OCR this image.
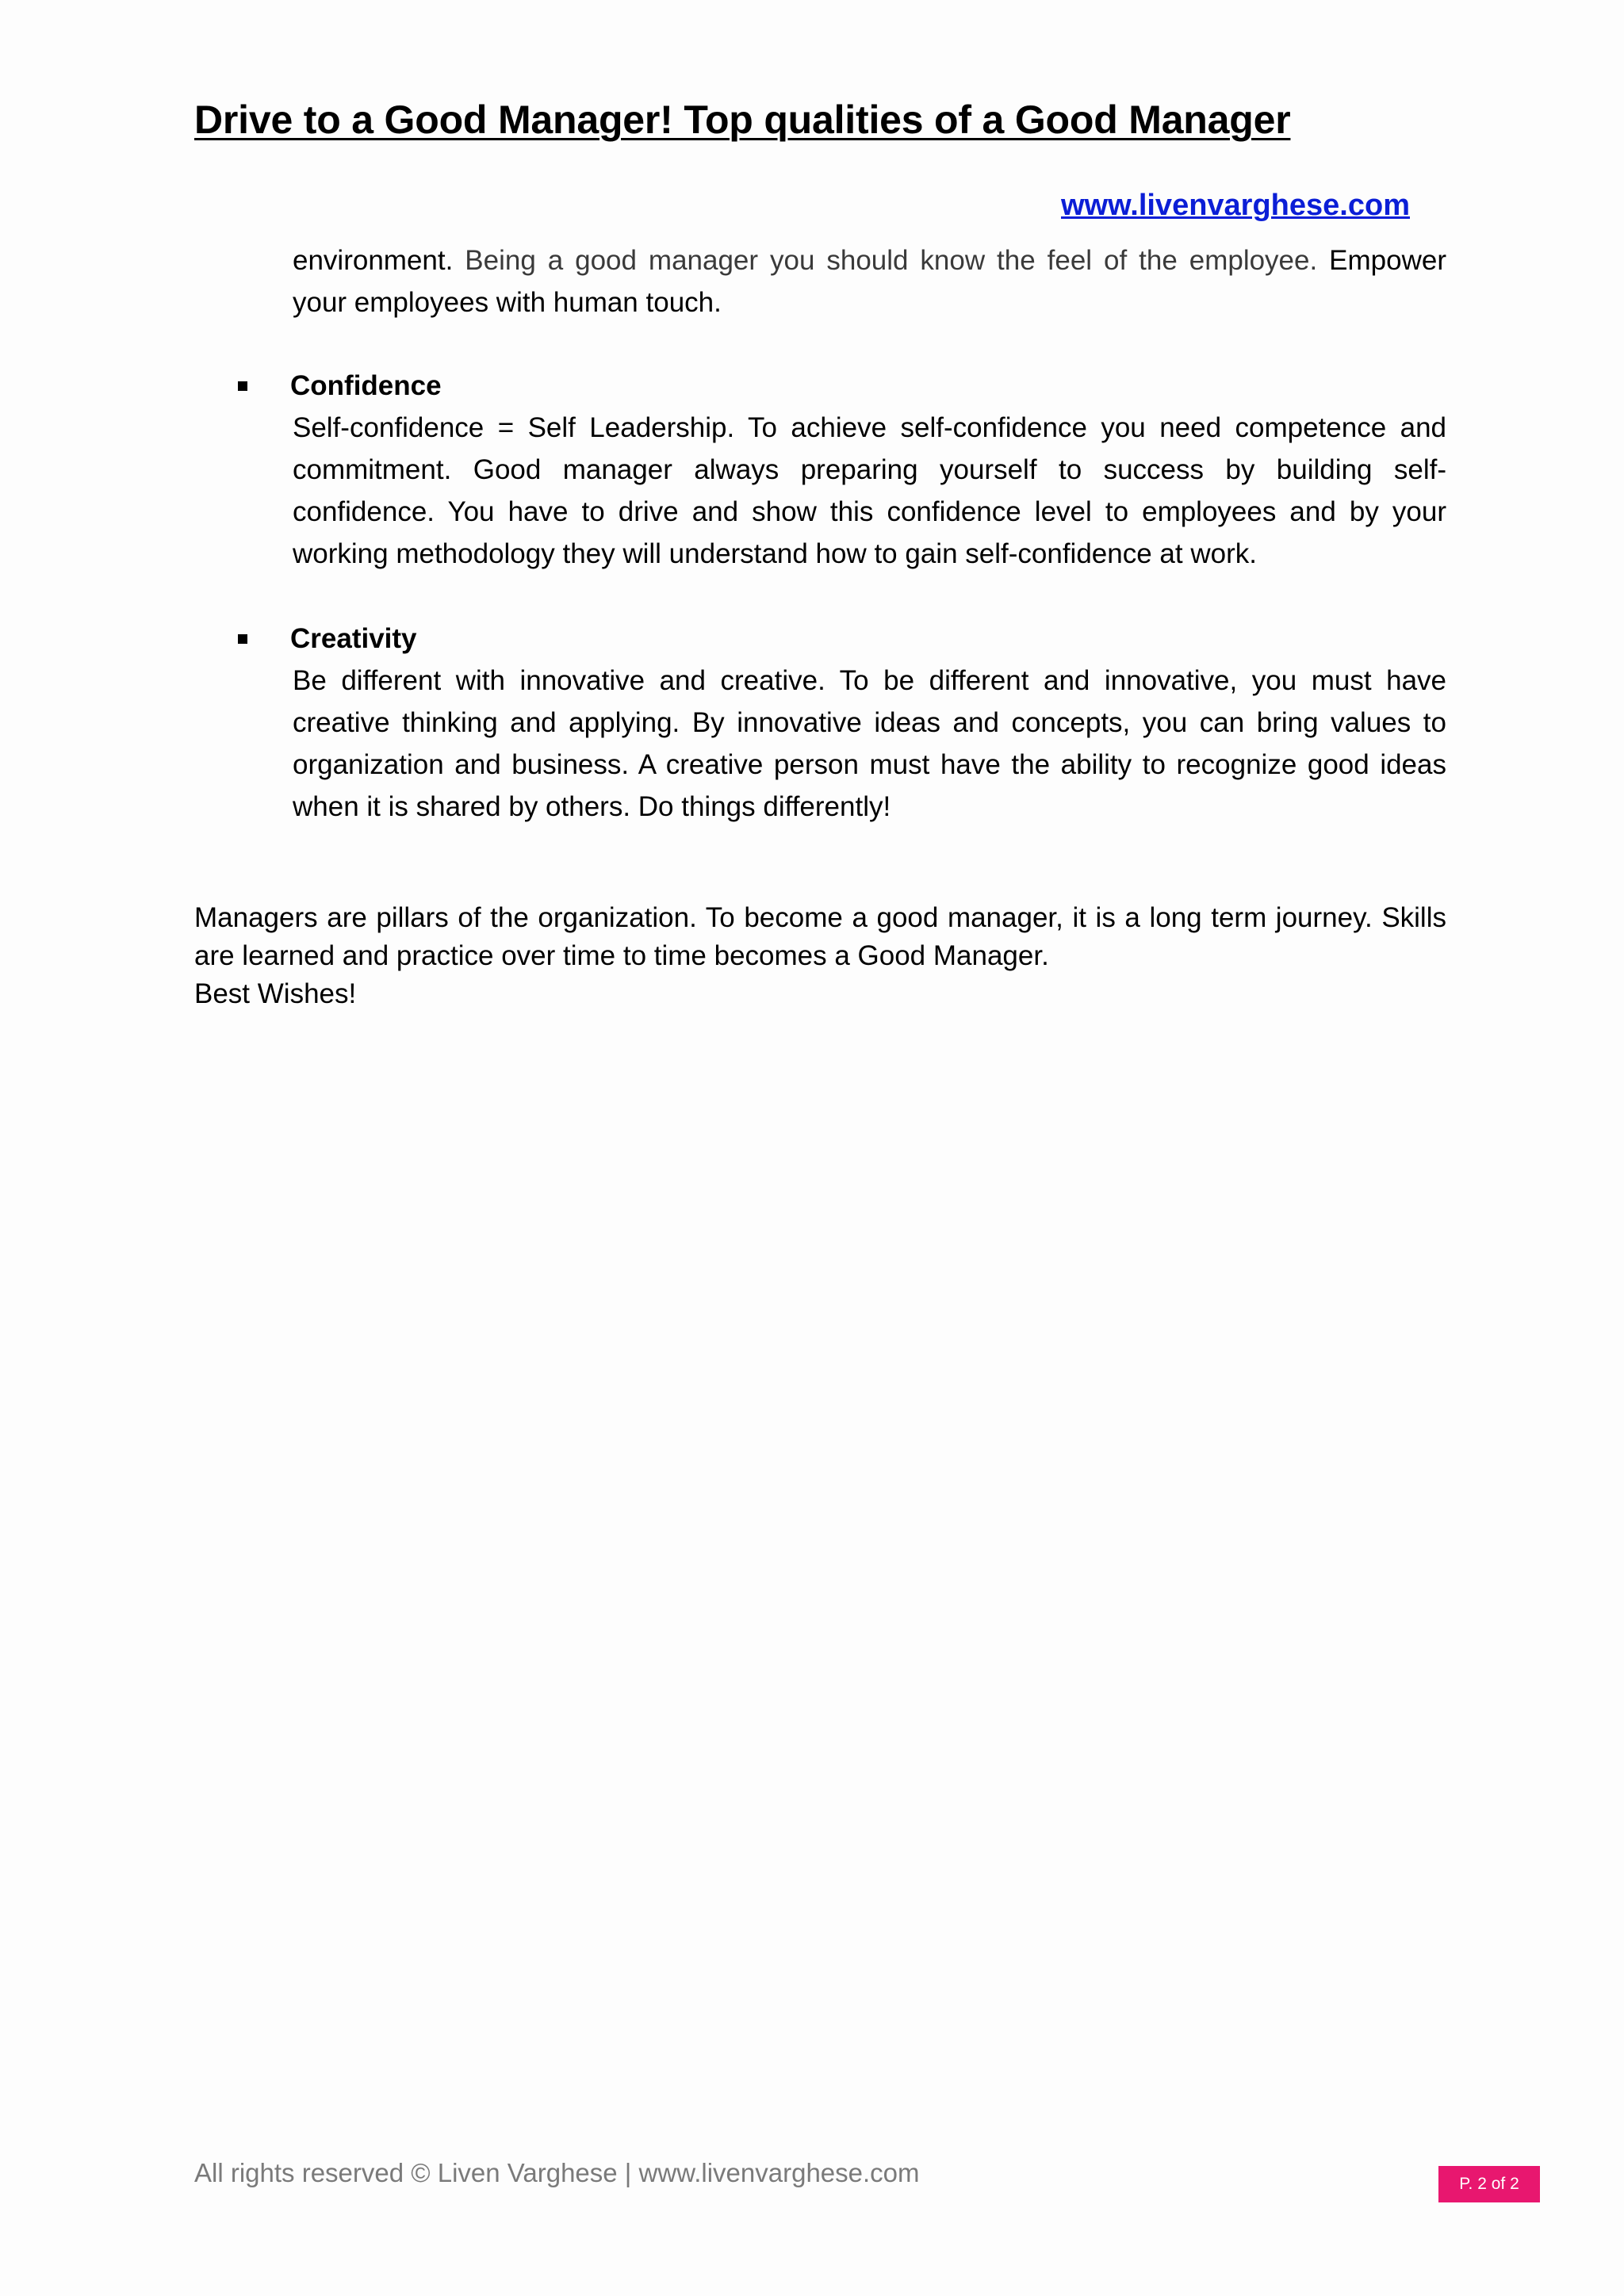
Drive to a Good Manager! Top qualities of a Good Manager
www.livenvarghese.com
environment. Being a good manager you should know the feel of the employee. Empower your employees with human touch.
Confidence
Self-confidence = Self Leadership. To achieve self-confidence you need competence and commitment. Good manager always preparing yourself to success by building self-confidence. You have to drive and show this confidence level to employees and by your working methodology they will understand how to gain self-confidence at work.
Creativity
Be different with innovative and creative. To be different and innovative, you must have creative thinking and applying. By innovative ideas and concepts, you can bring values to organization and business. A creative person must have the ability to recognize good ideas when it is shared by others. Do things differently!

Managers are pillars of the organization. To become a good manager, it is a long term journey. Skills are learned and practice over time to time becomes a Good Manager.

Best Wishes!

All rights reserved © Liven Varghese | www.livenvarghese.com	P. 2 of 2
